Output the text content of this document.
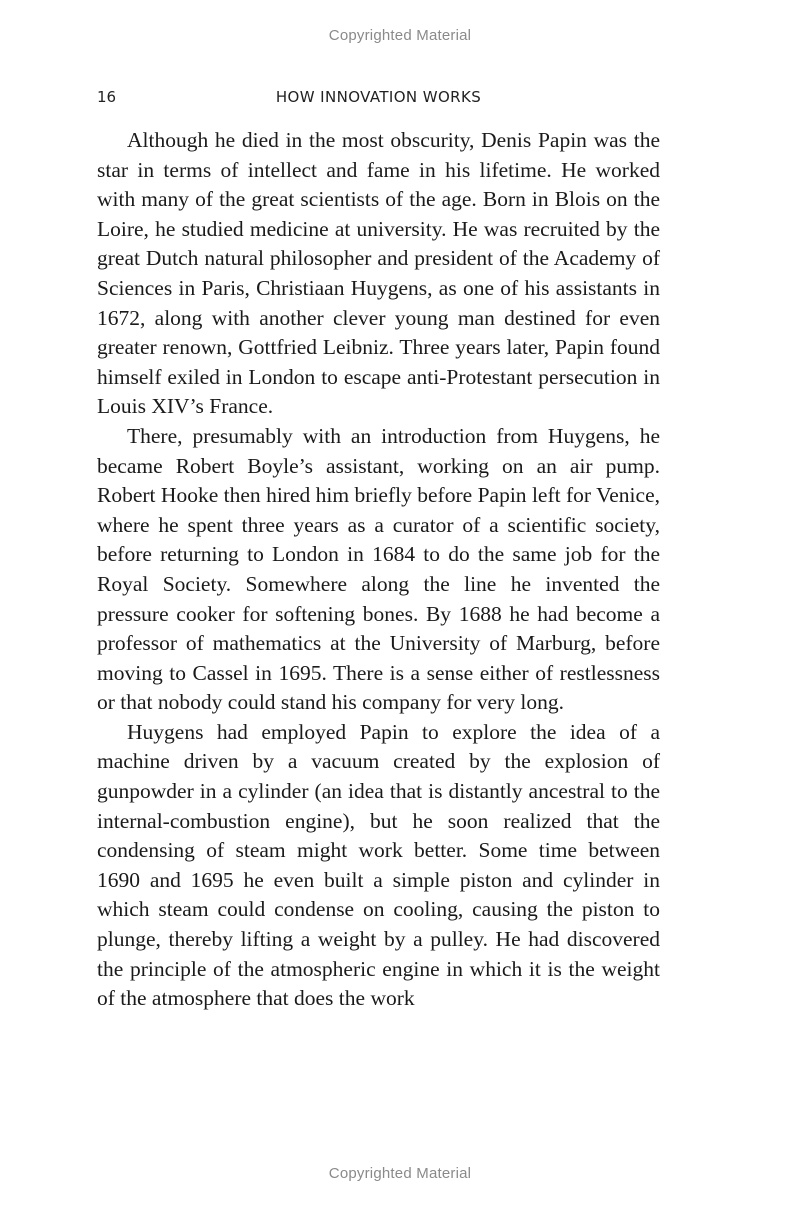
Copyrighted Material
16	HOW INNOVATION WORKS

Although he died in the most obscurity, Denis Papin was the star in terms of intellect and fame in his lifetime. He worked with many of the great scientists of the age. Born in Blois on the Loire, he studied medicine at university. He was recruited by the great Dutch natural philosopher and president of the Academy of Sciences in Paris, Christiaan Huygens, as one of his assistants in 1672, along with another clever young man destined for even greater renown, Gottfried Leibniz. Three years later, Papin found himself exiled in London to escape anti-Protestant persecution in Louis XIV’s France.

There, presumably with an introduction from Huygens, he became Robert Boyle’s assistant, working on an air pump. Robert Hooke then hired him briefly before Papin left for Venice, where he spent three years as a curator of a scientific society, before returning to London in 1684 to do the same job for the Royal Society. Somewhere along the line he invented the pressure cooker for softening bones. By 1688 he had become a professor of mathematics at the University of Marburg, before moving to Cassel in 1695. There is a sense either of restlessness or that nobody could stand his company for very long.

Huygens had employed Papin to explore the idea of a machine driven by a vacuum created by the explosion of gunpowder in a cylinder (an idea that is distantly ancestral to the internal-combustion engine), but he soon realized that the condensing of steam might work better. Some time between 1690 and 1695 he even built a simple piston and cylinder in which steam could condense on cooling, causing the piston to plunge, thereby lifting a weight by a pulley. He had discovered the principle of the atmospheric engine in which it is the weight of the atmosphere that does the work

Copyrighted Material
